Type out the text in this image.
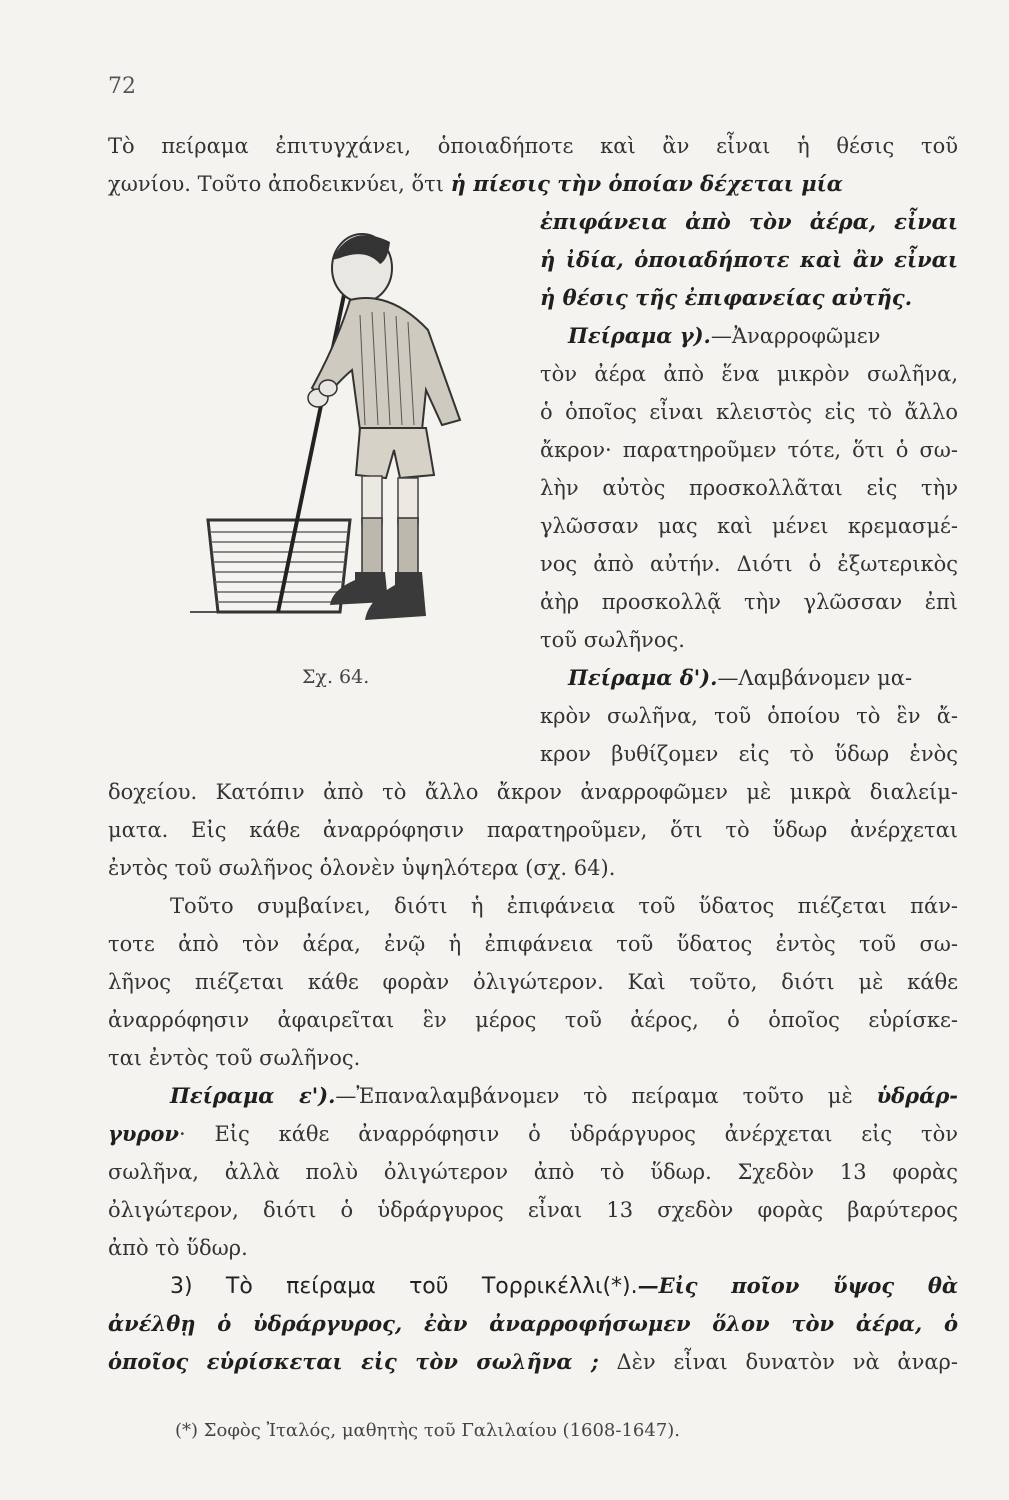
72
Τὸ πείραμα ἐπιτυγχάνει, ὁποιαδήποτε καὶ ἂν εἶναι ἡ θέσις τοῦ
χωνίου. Τοῦτο ἀποδεικνύει, ὅτι ἡ πίεσις τὴν ὁποίαν δέχεται μία
ἐπιφάνεια ἀπὸ τὸν ἀέρα, εἶναι
ἡ ἰδία, ὁποιαδήποτε καὶ ἂν εἶναι
ἡ θέσις τῆς ἐπιφανείας αὐτῆς.
Πείραμα γ).—Ἀναρροφῶμεν
τὸν ἀέρα ἀπὸ ἕνα μικρὸν σωλῆνα,
ὁ ὁποῖος εἶναι κλειστὸς εἰς τὸ ἄλλο
ἄκρον· παρατηροῦμεν τότε, ὅτι ὁ σω-
λὴν αὐτὸς προσκολλᾶται εἰς τὴν
γλῶσσαν μας καὶ μένει κρεμασμέ-
νος ἀπὸ αὐτήν. Διότι ὁ ἐξωτερικὸς
ἀὴρ προσκολλᾷ τὴν γλῶσσαν ἐπὶ
τοῦ σωλῆνος.
Πείραμα δ').—Λαμβάνομεν μα-
κρὸν σωλῆνα, τοῦ ὁποίου τὸ ἓν ἄ-
κρον βυθίζομεν εἰς τὸ ὕδωρ ἑνὸς
Σχ. 64.
δοχείου. Κατόπιν ἀπὸ τὸ ἄλλο ἄκρον ἀναρροφῶμεν μὲ μικρὰ διαλείμ-
ματα. Εἰς κάθε ἀναρρόφησιν παρατηροῦμεν, ὅτι τὸ ὕδωρ ἀνέρχεται
ἐντὸς τοῦ σωλῆνος ὁλονὲν ὑψηλότερα (σχ. 64).
Τοῦτο συμβαίνει, διότι ἡ ἐπιφάνεια τοῦ ὕδατος πιέζεται πάν-
τοτε ἀπὸ τὸν ἀέρα, ἐνῷ ἡ ἐπιφάνεια τοῦ ὕδατος ἐντὸς τοῦ σω-
λῆνος πιέζεται κάθε φορὰν ὀλιγώτερον. Καὶ τοῦτο, διότι μὲ κάθε
ἀναρρόφησιν ἀφαιρεῖται ἓν μέρος τοῦ ἀέρος, ὁ ὁποῖος εὑρίσκε-
ται ἐντὸς τοῦ σωλῆνος.
Πείραμα ε').—Ἐπαναλαμβάνομεν τὸ πείραμα τοῦτο μὲ ὑδράρ-
γυρον· Εἰς κάθε ἀναρρόφησιν ὁ ὑδράργυρος ἀνέρχεται εἰς τὸν
σωλῆνα, ἀλλὰ πολὺ ὀλιγώτερον ἀπὸ τὸ ὕδωρ. Σχεδὸν 13 φορὰς
ὀλιγώτερον, διότι ὁ ὑδράργυρος εἶναι 13 σχεδὸν φορὰς βαρύτερος
ἀπὸ τὸ ὕδωρ.
3) Τὸ πείραμα τοῦ Τορρικέλλι(*).—Εἰς ποῖον ὕψος θὰ
ἀνέλθῃ ὁ ὑδράργυρος, ἐὰν ἀναρροφήσωμεν ὅλον τὸν ἀέρα, ὁ
ὁποῖος εὑρίσκεται εἰς τὸν σωλῆνα ; Δὲν εἶναι δυνατὸν νὰ ἀναρ-
(*) Σοφὸς Ἰταλός, μαθητὴς τοῦ Γαλιλαίου (1608-1647).
